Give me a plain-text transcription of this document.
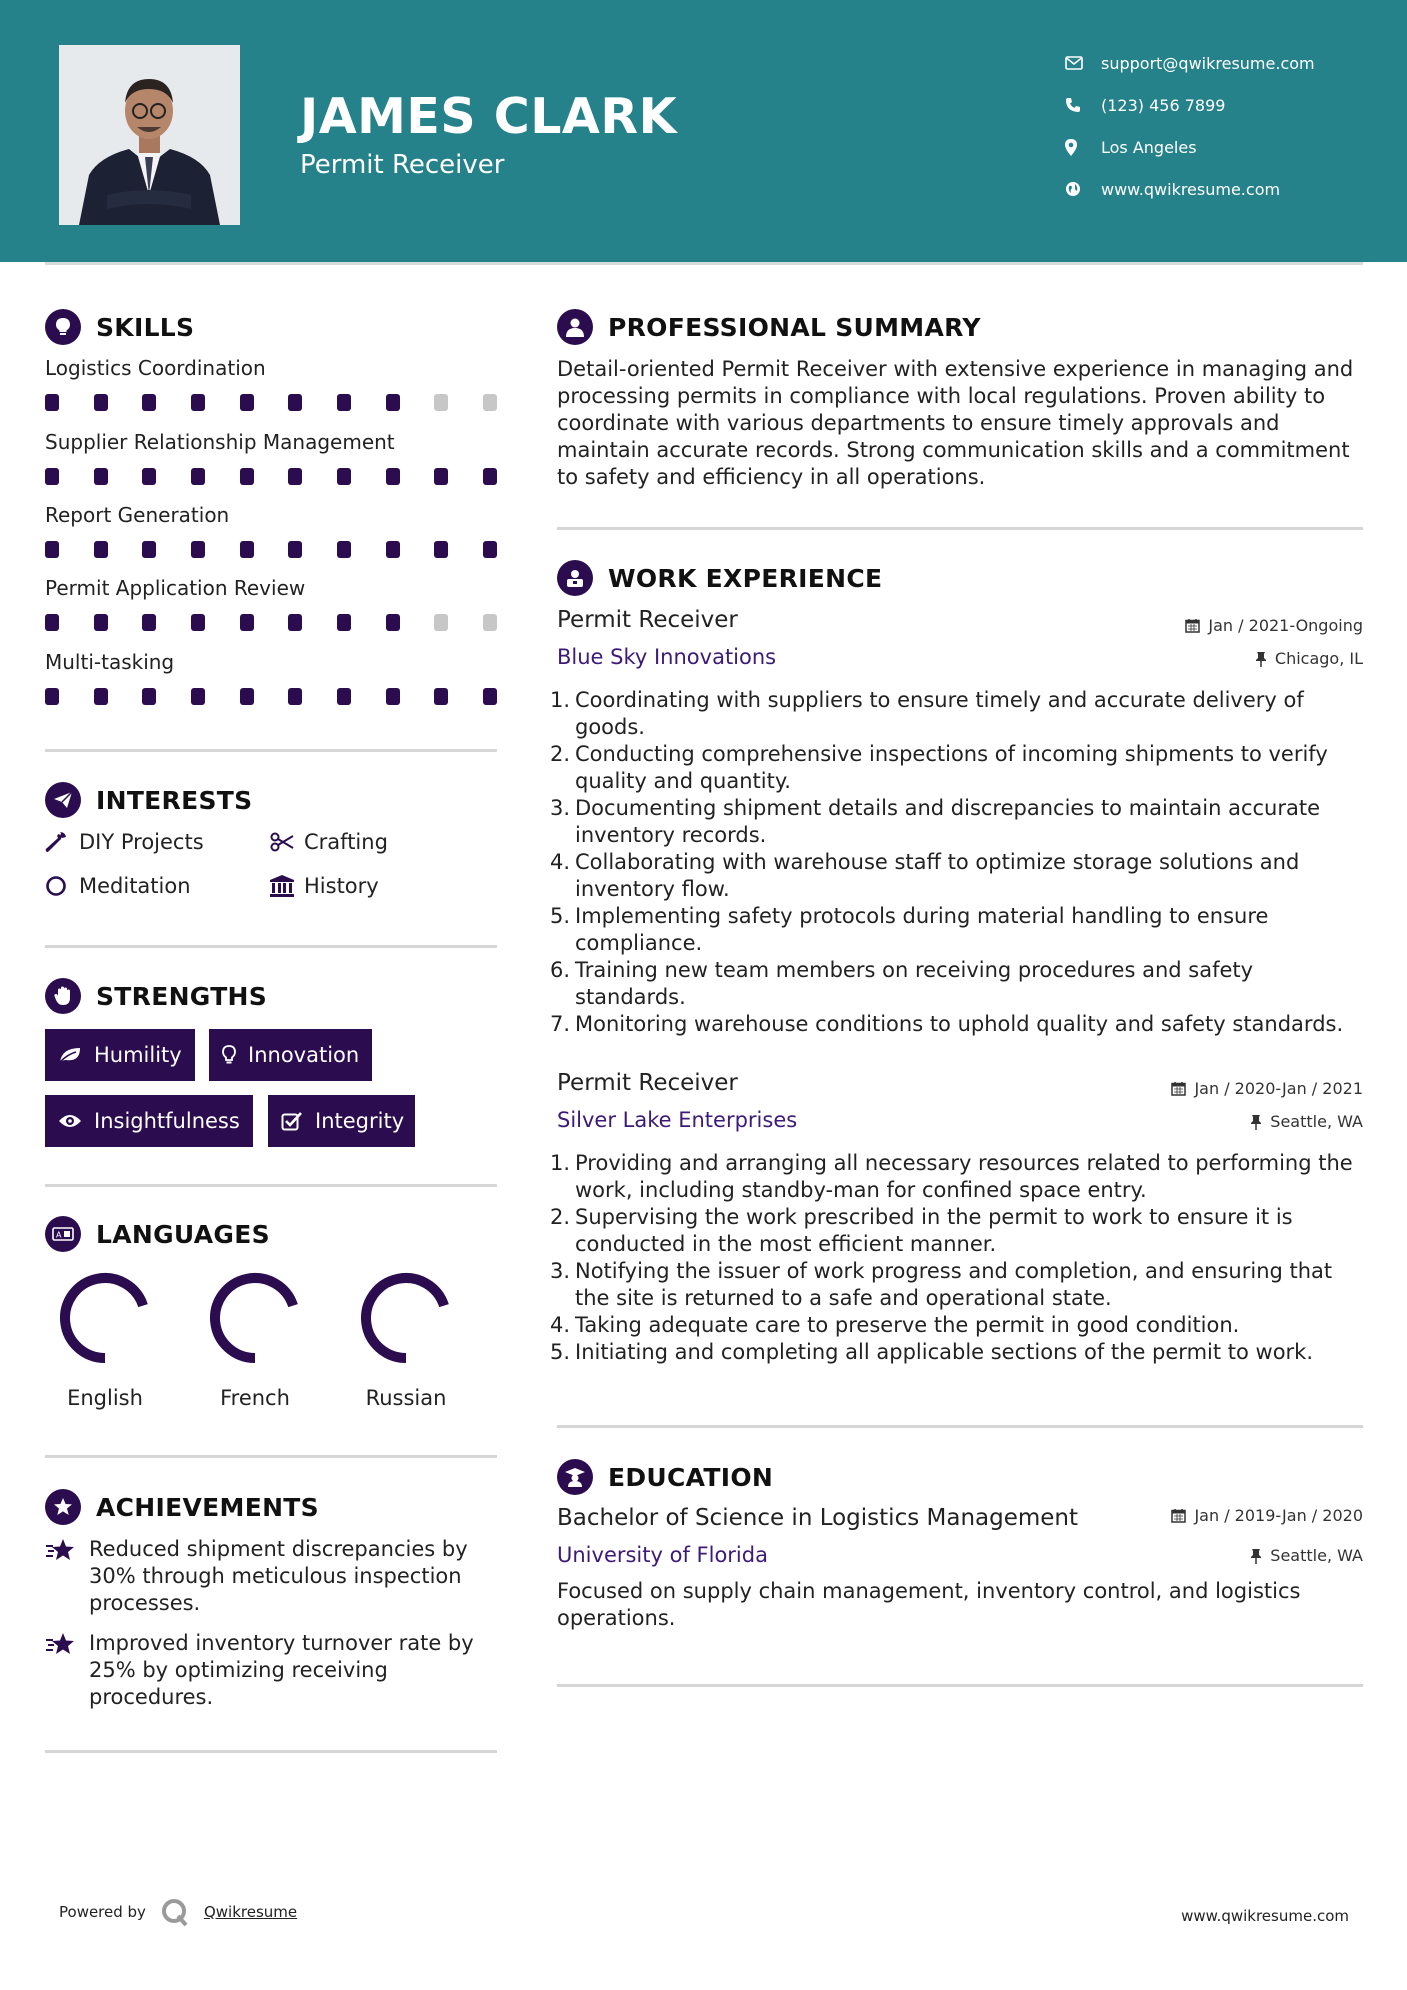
JAMES CLARK
Permit Receiver
support@qwikresume.com
(123) 456 7899
Los Angeles
www.qwikresume.com
SKILLS
Logistics Coordination
Supplier Relationship Management
Report Generation
Permit Application Review
Multi-tasking
INTERESTS
DIY Projects	Crafting
Meditation	History
STRENGTHS
Humility	Innovation
Insightfulness	Integrity
A LANGUAGES
English	French	Russian
ACHIEVEMENTS
Reduced shipment discrepancies by 30% through meticulous inspection processes.
Improved inventory turnover rate by 25% by optimizing receiving procedures.
PROFESSIONAL SUMMARY
Detail-oriented Permit Receiver with extensive experience in managing and processing permits in compliance with local regulations. Proven ability to coordinate with various departments to ensure timely approvals and maintain accurate records. Strong communication skills and a commitment to safety and efficiency in all operations.
WORK EXPERIENCE
Permit Receiver	Jan / 2021-Ongoing
Blue Sky Innovations	Chicago, IL
1. Coordinating with suppliers to ensure timely and accurate delivery of goods.
2. Conducting comprehensive inspections of incoming shipments to verify quality and quantity.
3. Documenting shipment details and discrepancies to maintain accurate inventory records.
4. Collaborating with warehouse staff to optimize storage solutions and inventory flow.
5. Implementing safety protocols during material handling to ensure compliance.
6. Training new team members on receiving procedures and safety standards.
7. Monitoring warehouse conditions to uphold quality and safety standards.
Permit Receiver	Jan / 2020-Jan / 2021
Silver Lake Enterprises	Seattle, WA
1. Providing and arranging all necessary resources related to performing the work, including standby-man for confined space entry.
2. Supervising the work prescribed in the permit to work to ensure it is conducted in the most efficient manner.
3. Notifying the issuer of work progress and completion, and ensuring that the site is returned to a safe and operational state.
4. Taking adequate care to preserve the permit in good condition.
5. Initiating and completing all applicable sections of the permit to work.
EDUCATION
Bachelor of Science in Logistics Management	Jan / 2019-Jan / 2020
University of Florida	Seattle, WA
Focused on supply chain management, inventory control, and logistics operations.
Powered by	Qwikresume	www.qwikresume.com
